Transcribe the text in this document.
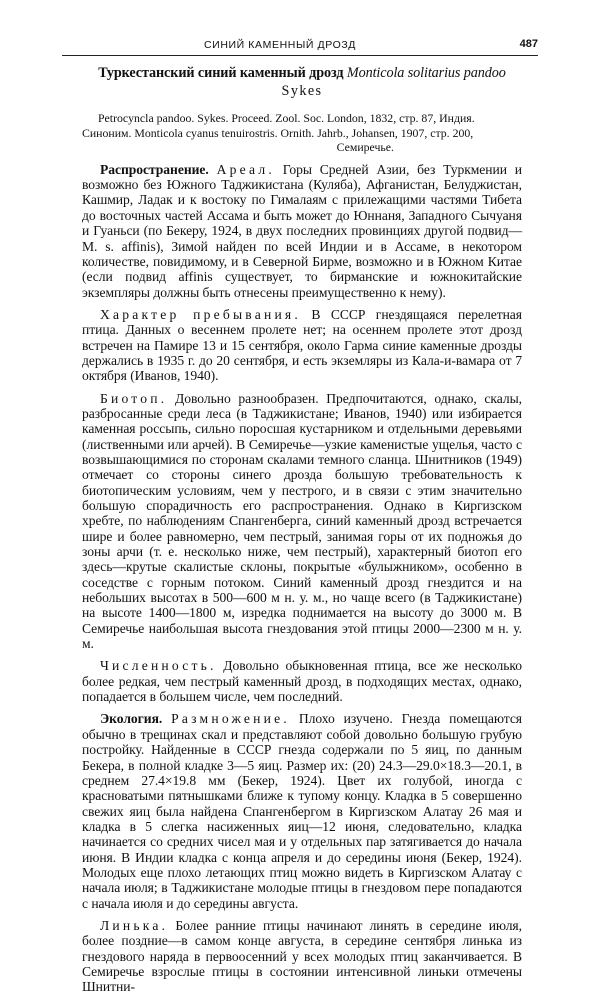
СИНИЙ КАМЕННЫЙ ДРОЗД	487
Туркестанский синий каменный дрозд Monticola solitarius pandoo Sykes

Petrocyncla pandoo. Sykes. Proceed. Zool. Soc. London, 1832, стр. 87, Индия.

Синоним. Monticola cyanus tenuirostris. Ornith. Jahrb., Johansen, 1907, стр. 200,

Семиречье.

Распространение. Ареал. Горы Средней Азии, без Туркмении и возможно без Южного Таджикистана (Куляба), Афганистан, Белуджистан, Кашмир, Ладак и к востоку по Гималаям с прилежащими частями Тибета до восточных частей Ассама и быть может до Юннаня, Западного Сычуаня и Гуаньси (по Бекеру, 1924, в двух последних провинциях другой подвид—M. s. affinis), Зимой найден по всей Индии и в Ассаме, в некотором количестве, повидимому, и в Северной Бирме, возможно и в Южном Китае (если подвид affinis существует, то бирманские и южнокитайские экземпляры должны быть отнесены преимущественно к нему).

Характер пребывания. В СССР гнездящаяся перелетная птица. Данных о весеннем пролете нет; на осеннем пролете этот дрозд встречен на Памире 13 и 15 сентября, около Гарма синие каменные дрозды держались в 1935 г. до 20 сентября, и есть экземляры из Кала-и-вамара от 7 октября (Иванов, 1940).

Биотоп. Довольно разнообразен. Предпочитаются, однако, скалы, разбросанные среди леса (в Таджикистане; Иванов, 1940) или избирается каменная россыпь, сильно поросшая кустарником и отдельными деревьями (лиственными или арчей). В Семиречье—узкие каменистые ущелья, часто с возвышающимися по сторонам скалами темного сланца. Шнитников (1949) отмечает со стороны синего дрозда большую требовательность к биотопическим условиям, чем у пестрого, и в связи с этим значительно большую спорадичность его распространения. Однако в Киргизском хребте, по наблюдениям Спангенберга, синий каменный дрозд встречается шире и более равномерно, чем пестрый, занимая горы от их подножья до зоны арчи (т. е. несколько ниже, чем пестрый), характерный биотоп его здесь—крутые скалистые склоны, покрытые «булыжником», особенно в соседстве с горным потоком. Синий каменный дрозд гнездится и на небольших высотах в 500—600 м н. у. м., но чаще всего (в Таджикистане) на высоте 1400—1800 м, изредка поднимается на высоту до 3000 м. В Семиречье наибольшая высота гнездования этой птицы 2000—2300 м н. у. м.

Численность. Довольно обыкновенная птица, все же несколько более редкая, чем пестрый каменный дрозд, в подходящих местах, однако, попадается в большем числе, чем последний.

Экология. Размножение. Плохо изучено. Гнезда помещаются обычно в трещинах скал и представляют собой довольно большую грубую постройку. Найденные в СССР гнезда содержали по 5 яиц, по данным Бекера, в полной кладке 3—5 яиц. Размер их: (20) 24.3—29.0×18.3—20.1, в среднем 27.4×19.8 мм (Бекер, 1924). Цвет их голубой, иногда с красноватыми пятнышками ближе к тупому концу. Кладка в 5 совершенно свежих яиц была найдена Спангенбергом в Киргизском Алатау 26 мая и кладка в 5 слегка насиженных яиц—12 июня, следовательно, кладка начинается со средних чисел мая и у отдельных пар затягивается до начала июня. В Индии кладка с конца апреля и до середины июня (Бекер, 1924). Молодых еще плохо летающих птиц можно видеть в Киргизском Алатау с начала июля; в Таджикистане молодые птицы в гнездовом пере попадаются с начала июля и до середины августа.

Линька. Более ранние птицы начинают линять в середине июля, более поздние—в самом конце августа, в середине сентября линька из гнездового наряда в первоосенний у всех молодых птиц заканчивается. В Семиречье взрослые птицы в состоянии интенсивной линьки отмечены Шнитни-
